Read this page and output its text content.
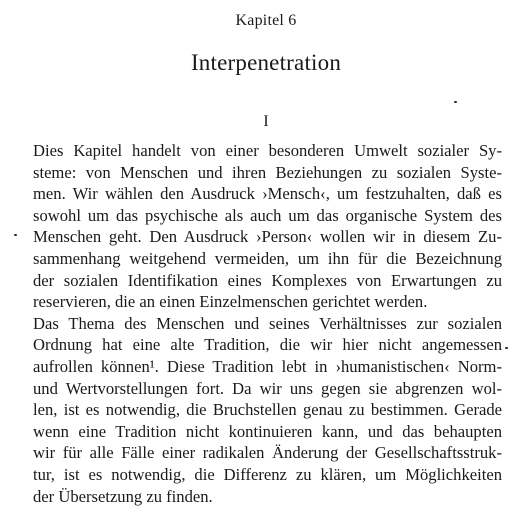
Kapitel 6
Interpenetration
I
Dies Kapitel handelt von einer besonderen Umwelt sozialer Sy-
steme: von Menschen und ihren Beziehungen zu sozialen Syste-
men. Wir wählen den Ausdruck ›Mensch‹, um festzuhalten, daß es
sowohl um das psychische als auch um das organische System des
Menschen geht. Den Ausdruck ›Person‹ wollen wir in diesem Zu-
sammenhang weitgehend vermeiden, um ihn für die Bezeichnung
der sozialen Identifikation eines Komplexes von Erwartungen zu
reservieren, die an einen Einzelmenschen gerichtet werden.
Das Thema des Menschen und seines Verhältnisses zur sozialen
Ordnung hat eine alte Tradition, die wir hier nicht angemessen
aufrollen können¹. Diese Tradition lebt in ›humanistischen‹ Norm-
und Wertvorstellungen fort. Da wir uns gegen sie abgrenzen wol-
len, ist es notwendig, die Bruchstellen genau zu bestimmen. Gerade
wenn eine Tradition nicht kontinuieren kann, und das behaupten
wir für alle Fälle einer radikalen Änderung der Gesellschaftsstruk-
tur, ist es notwendig, die Differenz zu klären, um Möglichkeiten
der Übersetzung zu finden.
